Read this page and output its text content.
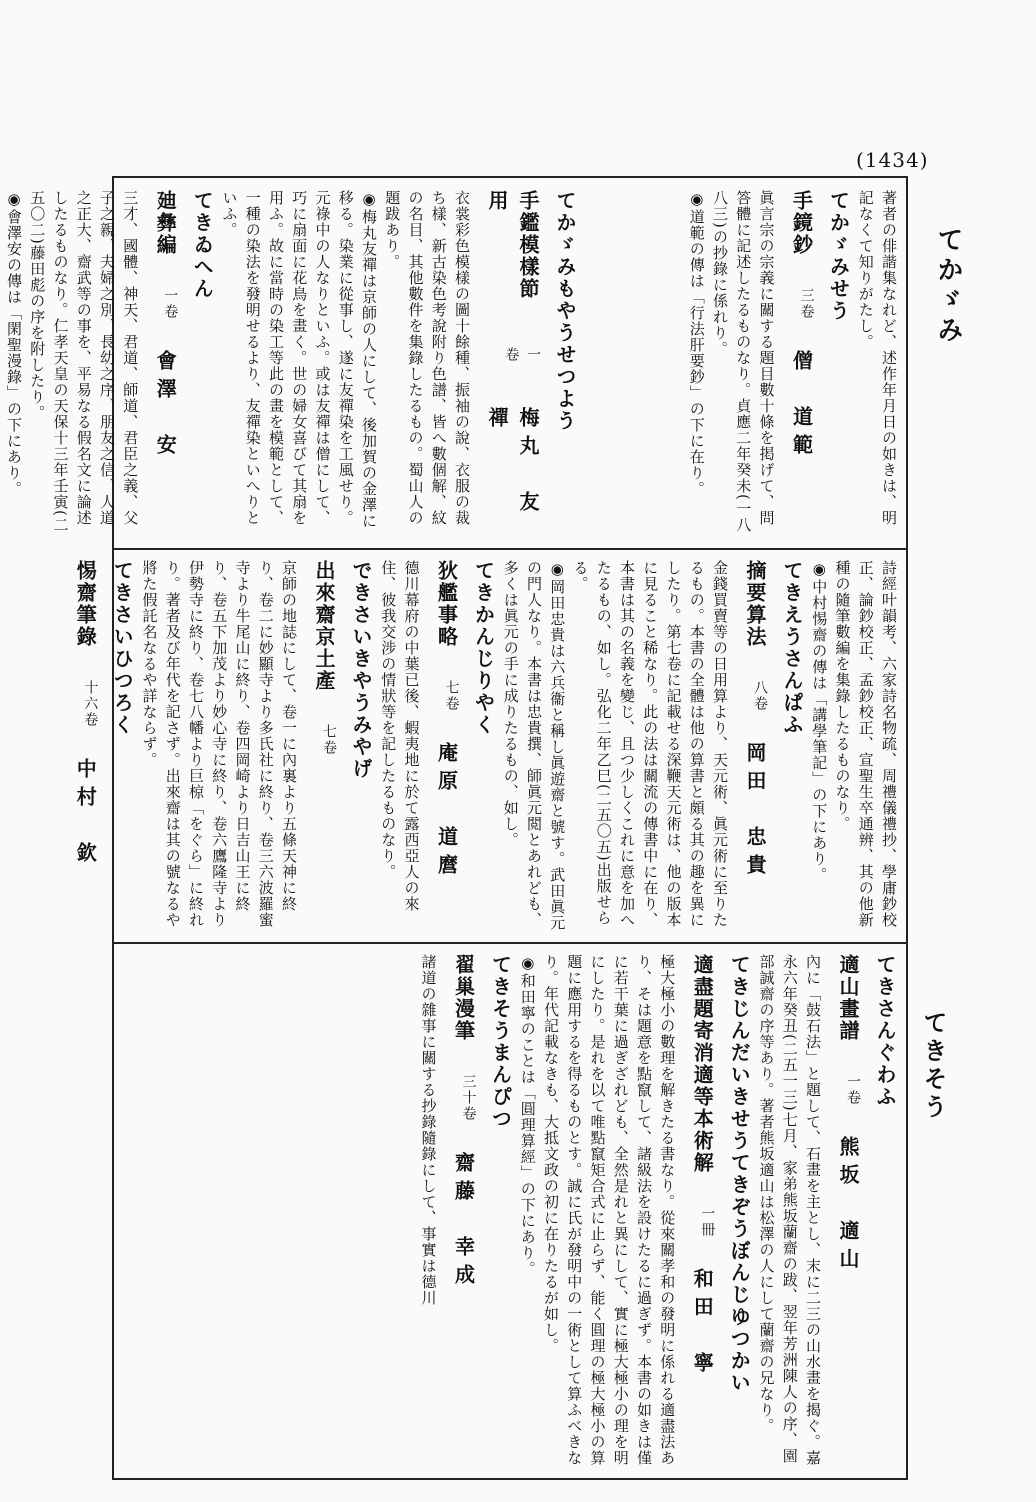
(1434)
てかゞみ
てきそう
著者の俳諧集なれど、述作年月日の如きは、明記なくて知りがたし。
てかゞみせう
手鏡鈔
三卷
僧　道範
眞言宗の宗義に關する題目數十條を掲げて、問答體に記述したるものなり。貞應二年癸未(一八八三)の抄錄に係れり。
◉道範の傳は「行法肝要鈔」の下に在り。
てかゞみもやうせつよう
手鑑模樣節用
一卷
梅丸　友禪
衣裳彩色模樣の圖十餘種、振袖の說、衣服の裁ち樣、新古染色考說附り色譜、皆へ數個解、紋の名目、其他數件を集錄したるもの。蜀山人の題跋あり。
◉梅丸友禪は京師の人にして、後加賀の金澤に移る。染業に從事し、遂に友禪染を工風せり。元祿中の人なりといふ。或は友禪は僧にして、巧に扇面に花鳥を畫く。世の婦女喜びて其扇を用ふ。故に當時の染工等此の畫を模範として、一種の染法を發明せるより、友禪染といへりといふ。
てきゐへん
廸彝編
一卷
會澤　安
三才、國體、神天、君道、師道、君臣之義、父子之親、夫婦之別、長幼之序、朋友之信、人道之正大、齋武等の事を、平易なる假名文に論述したるものなり。仁孝天皇の天保十三年壬寅(二五〇二)藤田彪の序を附したり。
◉會澤安の傳は「閑聖漫錄」の下にあり。
詩經叶韻考、六家詩名物疏、周禮儀禮抄、學庸鈔校正、論鈔校正、孟鈔校正、宣聖生卒通辨、其の他新種の隨筆數編を集錄したるものなり。
◉中村惕齋の傳は「講學筆記」の下にあり。
てきえうさんぱふ
摘要算法
八卷
岡田　忠貴
金錢買賣等の日用算より、天元術、眞元術に至りたるもの。本書の全體は他の算書と頗る其の趣を異にしたり。第七卷に記載せる深鞭天元術は、他の版本に見ること稀なり。此の法は關流の傳書中に在り、本書は其の名義を變じ、且つ少しくこれに意を加へたるもの、如し。弘化二年乙巳(二五〇五)出版せらる。
◉岡田忠貴は六兵衞と稱し眞遊齋と號す。武田眞元の門人なり。本書は忠貴撰、師眞元閲とあれども、多くは眞元の手に成りたるもの、如し。
てきかんじりやく
狄艦事略
七卷
庵原　道麿
德川幕府の中葉已後、蝦夷地に於て露西亞人の來住、彼我交涉の情狀等を記したるものなり。
できさいきやうみやげ
出來齋京土產
七卷
京師の地誌にして、卷一に內裏より五條天神に終り、卷二に妙顯寺より多氏社に終り、卷三六波羅蜜寺より牛尾山に終り、卷四岡崎より日吉山王に終り、卷五下加茂より妙心寺に終り、卷六鷹隆寺より伊勢寺に終り、卷七八幡より巨椋「をぐら」に終れり。著者及び年代を記さず。出來齋は其の號なるや將た假託名なるや詳ならず。
てきさいひつろく
惕齋筆錄
十六卷
中村　欽
てきさんぐわふ
適山畫譜
一卷
熊坂　適山
內に「鼓石法」と題して、石畫を主とし、末に二三の山水畫を揭ぐ。嘉永六年癸丑(二五一三)七月、家弟熊坂蘭齋の跋、翌年芳洲陳人の序、園部誠齋の序等あり。著者熊坂適山は松澤の人にして蘭齋の兄なり。
てきじんだいきせうてきぞうぼんじゆつかい
適盡題寄消適等本術解
一冊
和田　寧
極大極小の數理を解きたる書なり。從來關孝和の發明に係れる適盡法あり、そは題意を點竄して、諸級法を設けたるに過ぎず。本書の如きは僅に若干葉に過ぎざれども、全然是れと異にして、實に極大極小の理を明にしたり。是れを以て唯點竄矩合式に止らず、能く圓理の極大極小の算題に應用するを得るものとす。誠に氏が發明中の一術として算ふべきなり。年代記載なきも、大抵文政の初に在りたるが如し。
◉和田寧のことは「圓理算經」の下にあり。
てきそうまんぴつ
翟巢漫筆
三十卷
齋藤　幸成
諸道の雜事に關する抄錄隨錄にして、事實は德川
